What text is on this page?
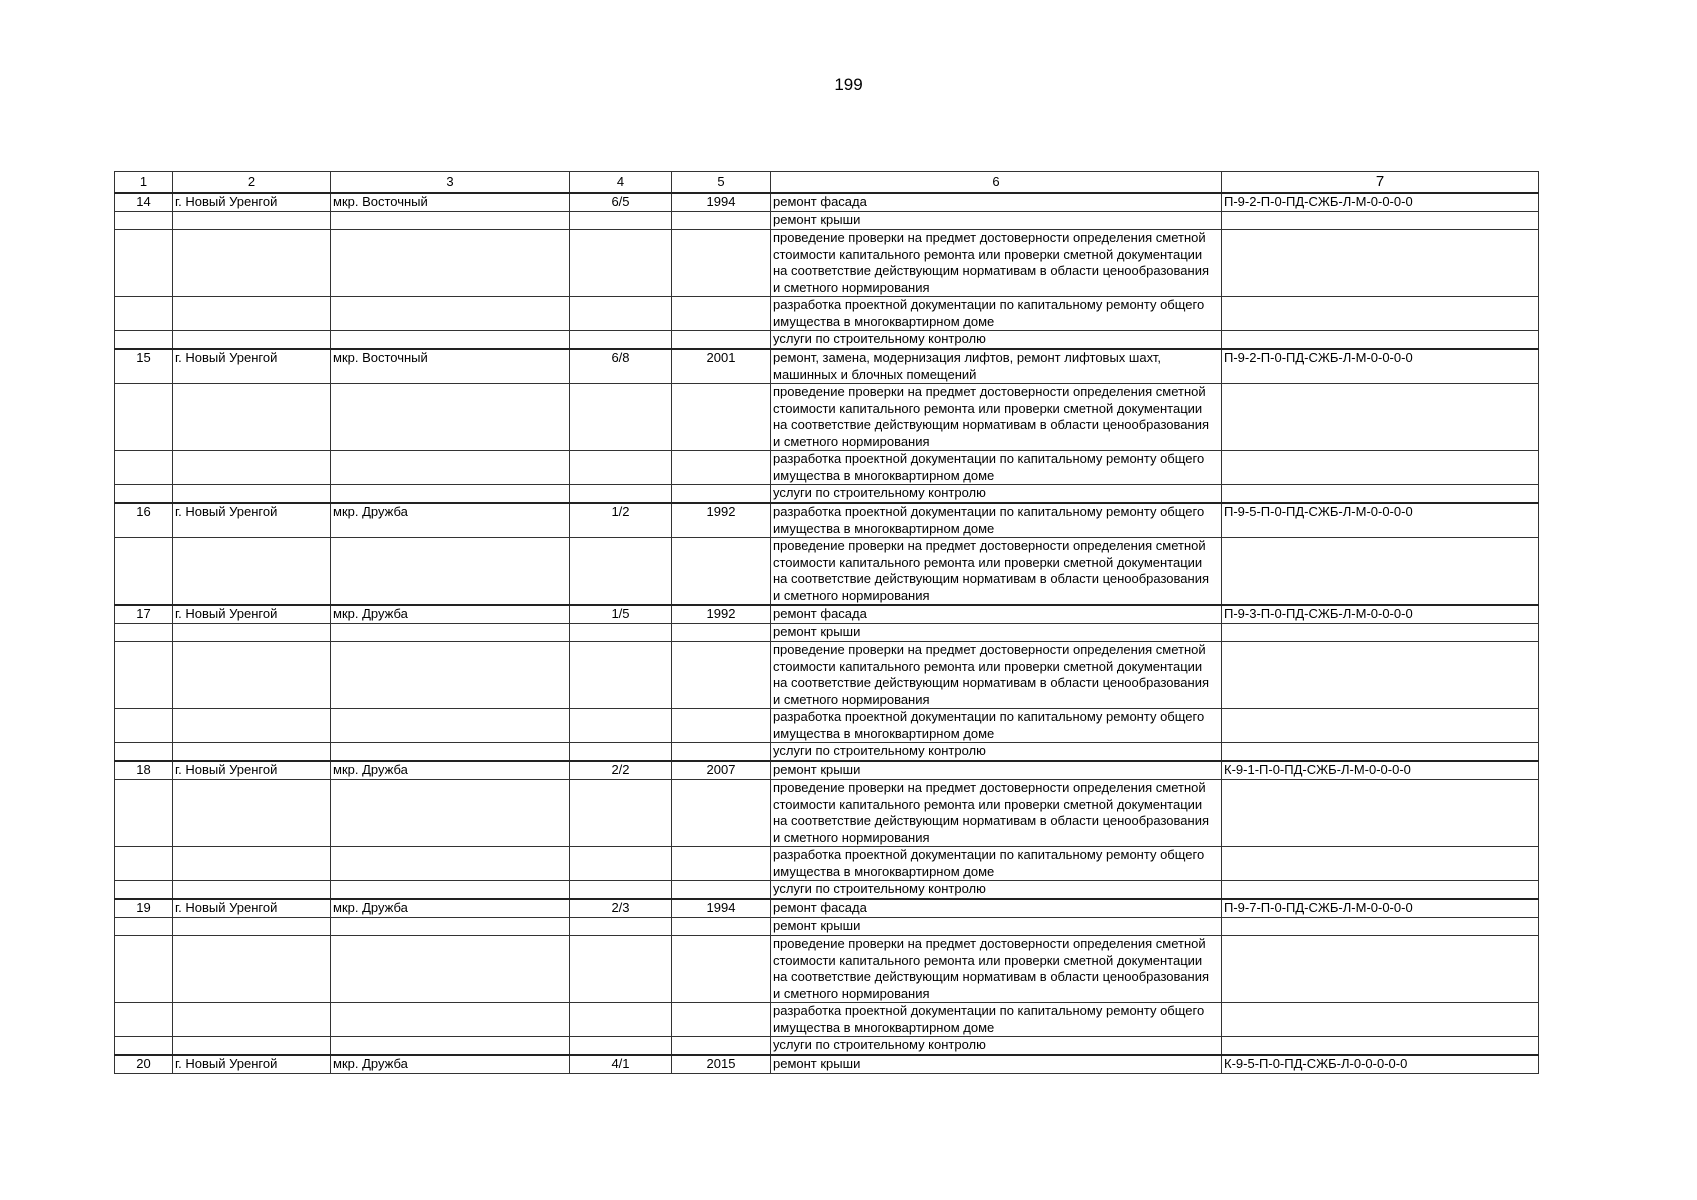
199
1	2	3	4	5	6	7
14	г. Новый Уренгой	мкр. Восточный	6/5	1994	ремонт фасада	П-9-2-П-0-ПД-СЖБ-Л-М-0-0-0-0
					ремонт крыши	
					проведение проверки на предмет достоверности определения сметной стоимости капитального ремонта или проверки сметной документации на соответствие действующим нормативам в области ценообразования и сметного нормирования	
					разработка проектной документации по капитальному ремонту общего имущества в многоквартирном доме	
					услуги по строительному контролю	
15	г. Новый Уренгой	мкр. Восточный	6/8	2001	ремонт, замена, модернизация лифтов, ремонт лифтовых шахт, машинных и блочных помещений	П-9-2-П-0-ПД-СЖБ-Л-М-0-0-0-0
					проведение проверки на предмет достоверности определения сметной стоимости капитального ремонта или проверки сметной документации на соответствие действующим нормативам в области ценообразования и сметного нормирования	
					разработка проектной документации по капитальному ремонту общего имущества в многоквартирном доме	
					услуги по строительному контролю	
16	г. Новый Уренгой	мкр. Дружба	1/2	1992	разработка проектной документации по капитальному ремонту общего имущества в многоквартирном доме	П-9-5-П-0-ПД-СЖБ-Л-М-0-0-0-0
					проведение проверки на предмет достоверности определения сметной стоимости капитального ремонта или проверки сметной документации на соответствие действующим нормативам в области ценообразования и сметного нормирования	
17	г. Новый Уренгой	мкр. Дружба	1/5	1992	ремонт фасада	П-9-3-П-0-ПД-СЖБ-Л-М-0-0-0-0
					ремонт крыши	
					проведение проверки на предмет достоверности определения сметной стоимости капитального ремонта или проверки сметной документации на соответствие действующим нормативам в области ценообразования и сметного нормирования	
					разработка проектной документации по капитальному ремонту общего имущества в многоквартирном доме	
					услуги по строительному контролю	
18	г. Новый Уренгой	мкр. Дружба	2/2	2007	ремонт крыши	К-9-1-П-0-ПД-СЖБ-Л-М-0-0-0-0
					проведение проверки на предмет достоверности определения сметной стоимости капитального ремонта или проверки сметной документации на соответствие действующим нормативам в области ценообразования и сметного нормирования	
					разработка проектной документации по капитальному ремонту общего имущества в многоквартирном доме	
					услуги по строительному контролю	
19	г. Новый Уренгой	мкр. Дружба	2/3	1994	ремонт фасада	П-9-7-П-0-ПД-СЖБ-Л-М-0-0-0-0
					ремонт крыши	
					проведение проверки на предмет достоверности определения сметной стоимости капитального ремонта или проверки сметной документации на соответствие действующим нормативам в области ценообразования и сметного нормирования	
					разработка проектной документации по капитальному ремонту общего имущества в многоквартирном доме	
					услуги по строительному контролю	
20	г. Новый Уренгой	мкр. Дружба	4/1	2015	ремонт крыши	К-9-5-П-0-ПД-СЖБ-Л-0-0-0-0-0
